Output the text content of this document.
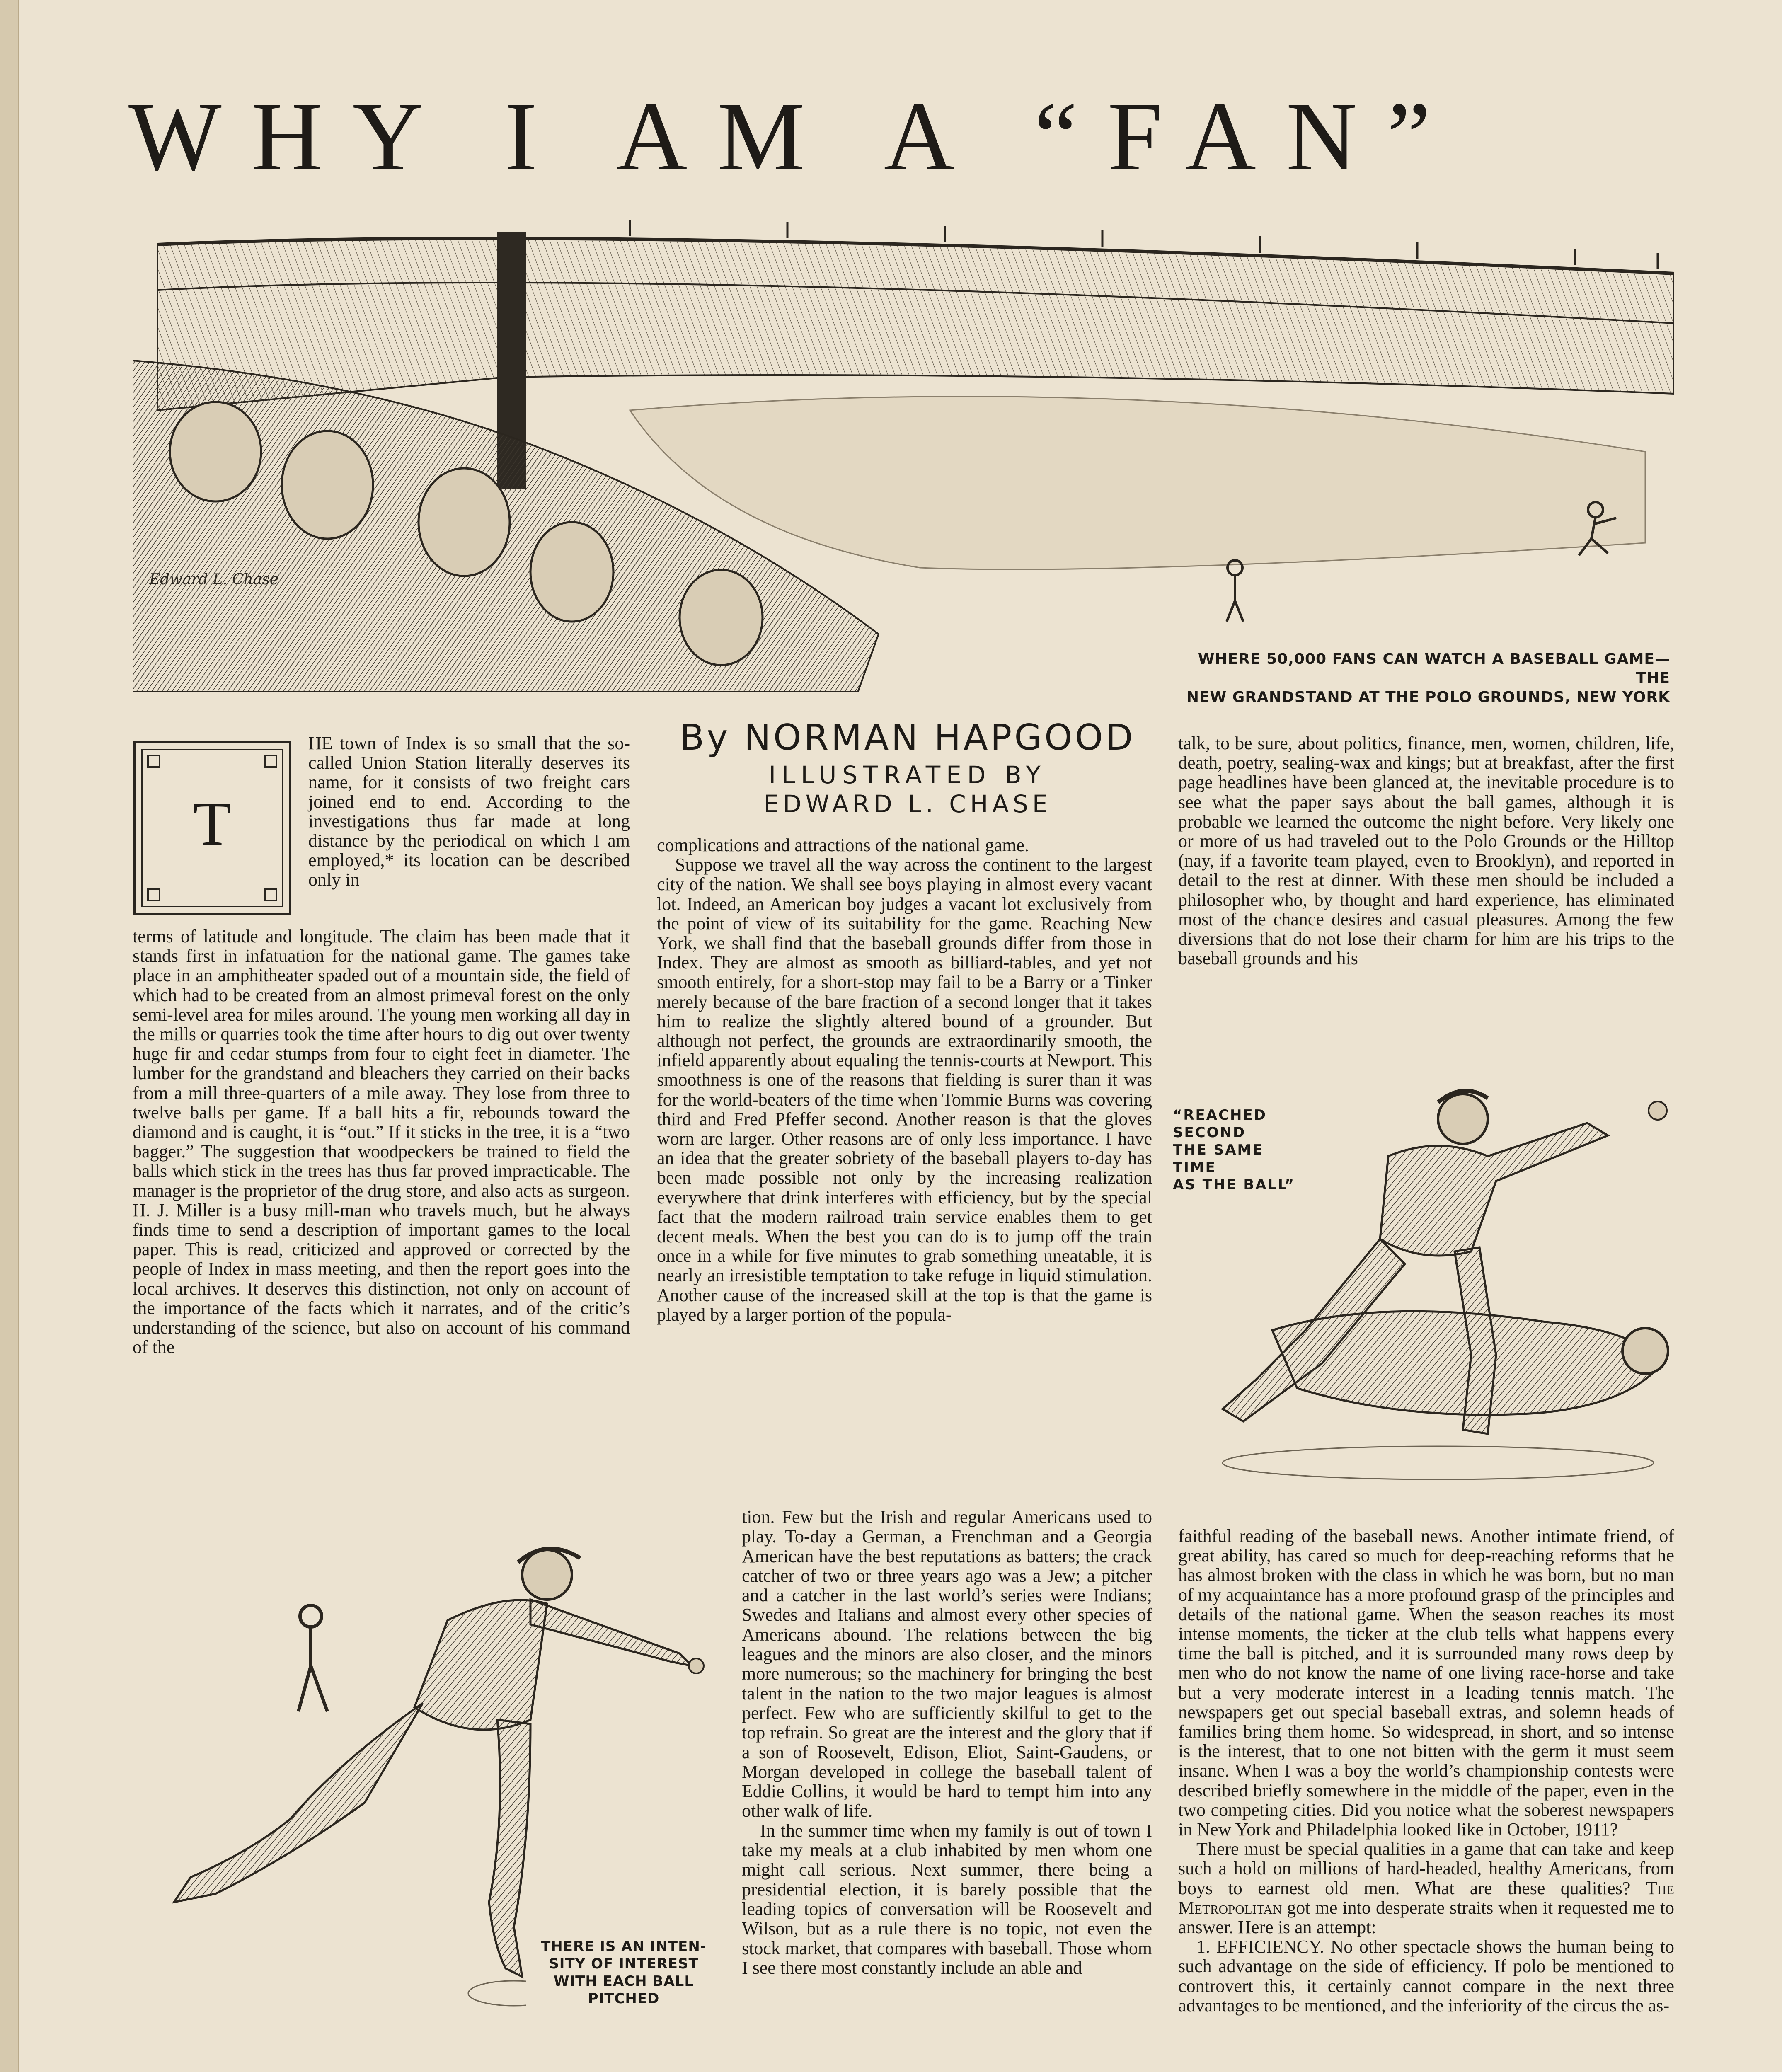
WHY I AM A “FAN”
Edward L. Chase
WHERE 50,000 FANS CAN WATCH A BASEBALL GAME—THE
NEW GRANDSTAND AT THE POLO GROUNDS, NEW YORK
T

HE town of Index is so small that the so-called Union Station literally deserves its name, for it consists of two freight cars joined end to end. According to the investigations thus far made at long distance by the periodical on which I am employed,* its location can be described only in

terms of latitude and longitude. The claim has been made that it stands first in infatuation for the national game. The games take place in an amphitheater spaded out of a mountain side, the field of which had to be created from an almost primeval forest on the only semi-level area for miles around. The young men working all day in the mills or quarries took the time after hours to dig out over twenty huge fir and cedar stumps from four to eight feet in diameter. The lumber for the grandstand and bleachers they carried on their backs from a mill three-quarters of a mile away. They lose from three to twelve balls per game. If a ball hits a fir, rebounds toward the diamond and is caught, it is “out.” If it sticks in the tree, it is a “two bagger.” The suggestion that woodpeckers be trained to field the balls which stick in the trees has thus far proved impracticable. The manager is the proprietor of the drug store, and also acts as surgeon. H. J. Miller is a busy mill-man who travels much, but he always finds time to send a description of important games to the local paper. This is read, criticized and approved or corrected by the people of Index in mass meeting, and then the report goes into the local archives. It deserves this distinction, not only on account of the importance of the facts which it narrates, and of the critic’s understanding of the science, but also on account of his command of the

THERE IS AN INTEN-
SITY OF INTEREST
WITH EACH BALL
PITCHED

By NORMAN HAPGOOD
ILLUSTRATED BY
EDWARD L. CHASE

complications and attractions of the national game.

Suppose we travel all the way across the continent to the largest city of the nation. We shall see boys playing in almost every vacant lot. Indeed, an American boy judges a vacant lot exclusively from the point of view of its suitability for the game. Reaching New York, we shall find that the baseball grounds differ from those in Index. They are almost as smooth as billiard-tables, and yet not smooth entirely, for a short-stop may fail to be a Barry or a Tinker merely because of the bare fraction of a second longer that it takes him to realize the slightly altered bound of a grounder. But although not perfect, the grounds are extraordinarily smooth, the infield apparently about equaling the tennis-courts at Newport. This smoothness is one of the reasons that fielding is surer than it was for the world-beaters of the time when Tommie Burns was covering third and Fred Pfeffer second. Another reason is that the gloves worn are larger. Other reasons are of only less importance. I have an idea that the greater sobriety of the baseball players to-day has been made possible not only by the increasing realization everywhere that drink interferes with efficiency, but by the special fact that the modern railroad train service enables them to get decent meals. When the best you can do is to jump off the train once in a while for five minutes to grab something uneatable, it is nearly an irresistible temptation to take refuge in liquid stimulation. Another cause of the increased skill at the top is that the game is played by a larger portion of the popula-

tion. Few but the Irish and regular Americans used to play. To-day a German, a Frenchman and a Georgia American have the best reputations as batters; the crack catcher of two or three years ago was a Jew; a pitcher and a catcher in the last world’s series were Indians; Swedes and Italians and almost every other species of Americans abound. The relations between the big leagues and the minors are also closer, and the minors more numerous; so the machinery for bringing the best talent in the nation to the two major leagues is almost perfect. Few who are sufficiently skilful to get to the top refrain. So great are the interest and the glory that if a son of Roosevelt, Edison, Eliot, Saint-Gaudens, or Morgan developed in college the baseball talent of Eddie Collins, it would be hard to tempt him into any other walk of life.

In the summer time when my family is out of town I take my meals at a club inhabited by men whom one might call serious. Next summer, there being a presidential election, it is barely possible that the leading topics of conversation will be Roosevelt and Wilson, but as a rule there is no topic, not even the stock market, that compares with baseball. Those whom I see there most constantly include an able and

talk, to be sure, about politics, finance, men, women, children, life, death, poetry, sealing-wax and kings; but at breakfast, after the first page headlines have been glanced at, the inevitable procedure is to see what the paper says about the ball games, although it is probable we learned the outcome the night before. Very likely one or more of us had traveled out to the Polo Grounds or the Hilltop (nay, if a favorite team played, even to Brooklyn), and reported in detail to the rest at dinner. With these men should be included a philosopher who, by thought and hard experience, has eliminated most of the chance desires and casual pleasures. Among the few diversions that do not lose their charm for him are his trips to the baseball grounds and his

“REACHED SECOND
THE SAME TIME
AS THE BALL”

faithful reading of the baseball news. Another intimate friend, of great ability, has cared so much for deep-reaching reforms that he has almost broken with the class in which he was born, but no man of my acquaintance has a more profound grasp of the principles and details of the national game. When the season reaches its most intense moments, the ticker at the club tells what happens every time the ball is pitched, and it is surrounded many rows deep by men who do not know the name of one living race-horse and take but a very moderate interest in a leading tennis match. The newspapers get out special baseball extras, and solemn heads of families bring them home. So widespread, in short, and so intense is the interest, that to one not bitten with the germ it must seem insane. When I was a boy the world’s championship contests were described briefly somewhere in the middle of the paper, even in the two competing cities. Did you notice what the soberest newspapers in New York and Philadelphia looked like in October, 1911?

There must be special qualities in a game that can take and keep such a hold on millions of hard-headed, healthy Americans, from boys to earnest old men. What are these qualities? The Metropolitan got me into desperate straits when it requested me to answer. Here is an attempt:

1. EFFICIENCY. No other spectacle shows the human being to such advantage on the side of efficiency. If polo be mentioned to controvert this, it certainly cannot compare in the next three advantages to be mentioned, and the inferiority of the circus the as-
